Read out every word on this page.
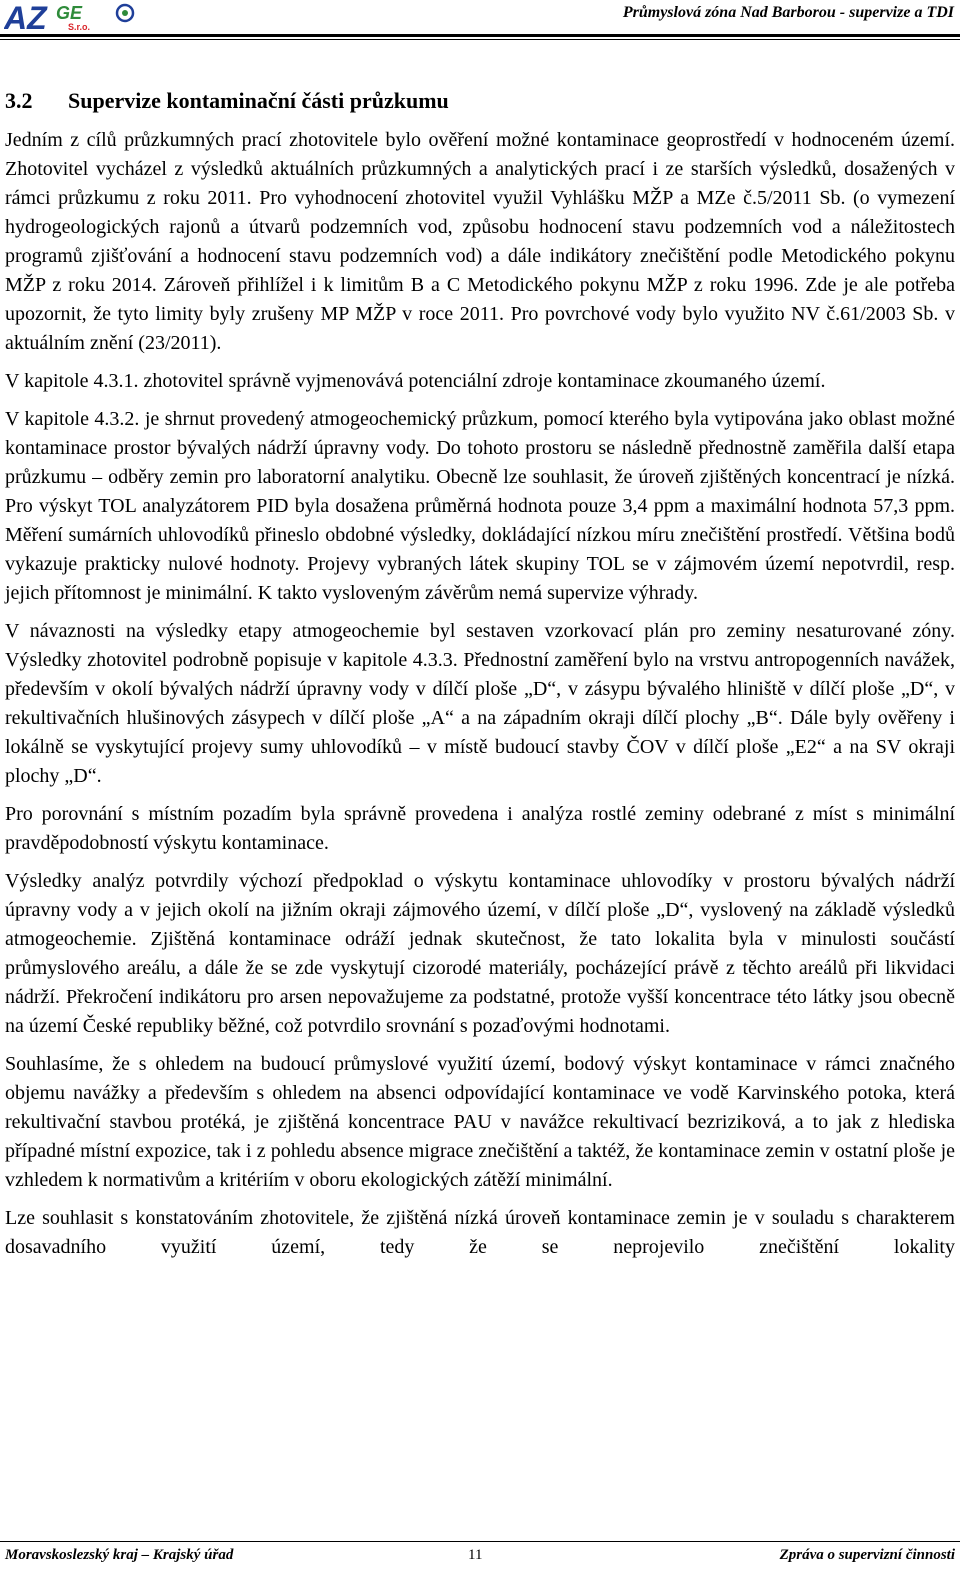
AZ GE
S.r.o.
Průmyslová zóna Nad Barborou - supervize a TDI
3.2	Supervize kontaminační části průzkumu

Jedním z cílů průzkumných prací zhotovitele bylo ověření možné kontaminace geoprostředí v hodnoceném území. Zhotovitel vycházel z výsledků aktuálních průzkumných a analytických prací i ze starších výsledků, dosažených v rámci průzkumu z roku 2011. Pro vyhodnocení zhotovitel využil Vyhlášku MŽP a MZe č.5/2011 Sb. (o vymezení hydrogeologických rajonů a útvarů podzemních vod, způsobu hodnocení stavu podzemních vod a náležitostech programů zjišťování a hodnocení stavu podzemních vod) a dále indikátory znečištění podle Metodického pokynu MŽP z roku 2014. Zároveň přihlížel i k limitům B a C Metodického pokynu MŽP z roku 1996. Zde je ale potřeba upozornit, že tyto limity byly zrušeny MP MŽP v roce 2011. Pro povrchové vody bylo využito NV č.61/2003 Sb. v aktuálním znění (23/2011).

V kapitole 4.3.1. zhotovitel správně vyjmenovává potenciální zdroje kontaminace zkoumaného území.

V kapitole 4.3.2. je shrnut provedený atmogeochemický průzkum, pomocí kterého byla vytipována jako oblast možné kontaminace prostor bývalých nádrží úpravny vody. Do tohoto prostoru se následně přednostně zaměřila další etapa průzkumu – odběry zemin pro laboratorní analytiku. Obecně lze souhlasit, že úroveň zjištěných koncentrací je nízká. Pro výskyt TOL analyzátorem PID byla dosažena průměrná hodnota pouze 3,4 ppm a maximální hodnota 57,3 ppm. Měření sumárních uhlovodíků přineslo obdobné výsledky, dokládající nízkou míru znečištění prostředí. Většina bodů vykazuje prakticky nulové hodnoty. Projevy vybraných látek skupiny TOL se v zájmovém území nepotvrdil, resp. jejich přítomnost je minimální. K takto vysloveným závěrům nemá supervize výhrady.

V návaznosti na výsledky etapy atmogeochemie byl sestaven vzorkovací plán pro zeminy nesaturované zóny. Výsledky zhotovitel podrobně popisuje v kapitole 4.3.3. Přednostní zaměření bylo na vrstvu antropogenních navážek, především v okolí bývalých nádrží úpravny vody v dílčí ploše „D“, v zásypu bývalého hliniště v dílčí ploše „D“, v rekultivačních hlušinových zásypech v dílčí ploše „A“ a na západním okraji dílčí plochy „B“. Dále byly ověřeny i lokálně se vyskytující projevy sumy uhlovodíků – v místě budoucí stavby ČOV v dílčí ploše „E2“ a na SV okraji plochy „D“.

Pro porovnání s místním pozadím byla správně provedena i analýza rostlé zeminy odebrané z míst s minimální pravděpodobností výskytu kontaminace.

Výsledky analýz potvrdily výchozí předpoklad o výskytu kontaminace uhlovodíky v prostoru bývalých nádrží úpravny vody a v jejich okolí na jižním okraji zájmového území, v dílčí ploše „D“, vyslovený na základě výsledků atmogeochemie. Zjištěná kontaminace odráží jednak skutečnost, že tato lokalita byla v minulosti součástí průmyslového areálu, a dále že se zde vyskytují cizorodé materiály, pocházející právě z těchto areálů při likvidaci nádrží. Překročení indikátoru pro arsen nepovažujeme za podstatné, protože vyšší koncentrace této látky jsou obecně na území České republiky běžné, což potvrdilo srovnání s pozaďovými hodnotami.

Souhlasíme, že s ohledem na budoucí průmyslové využití území, bodový výskyt kontaminace v rámci značného objemu navážky a především s ohledem na absenci odpovídající kontaminace ve vodě Karvinského potoka, která rekultivační stavbou protéká, je zjištěná koncentrace PAU v navážce rekultivací bezriziková, a to jak z hlediska případné místní expozice, tak i z pohledu absence migrace znečištění a taktéž, že kontaminace zemin v ostatní ploše je vzhledem k normativům a kritériím v oboru ekologických zátěží minimální.

Lze souhlasit s konstatováním zhotovitele, že zjištěná nízká úroveň kontaminace zemin je v souladu s charakterem dosavadního využití území, tedy že se neprojevilo znečištění lokality

Moravskoslezský kraj – Krajský úřad	11	Zpráva o supervizní činnosti
